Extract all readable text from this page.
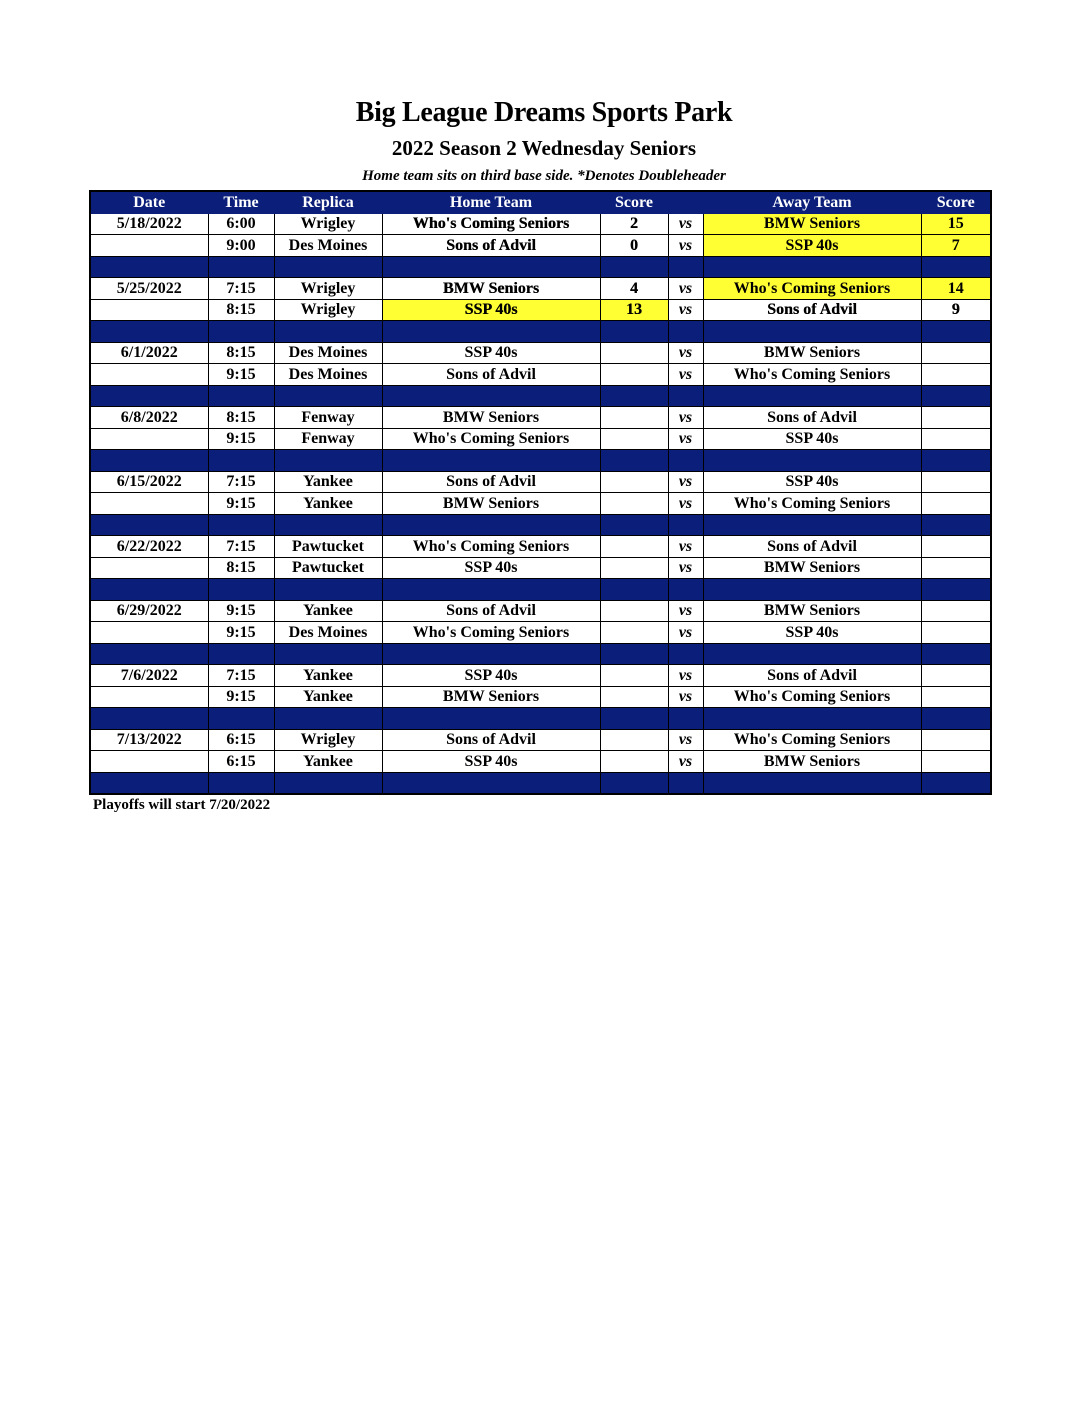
Big League Dreams Sports Park
2022 Season 2 Wednesday Seniors
Home team sits on third base side. *Denotes Doubleheader
Date	Time	Replica	Home Team	Score		Away Team	Score
5/18/2022	6:00	Wrigley	Who's Coming Seniors	2	vs	BMW Seniors	15
	9:00	Des Moines	Sons of Advil	0	vs	SSP 40s	7

5/25/2022	7:15	Wrigley	BMW Seniors	4	vs	Who's Coming Seniors	14
	8:15	Wrigley	SSP 40s	13	vs	Sons of Advil	9

6/1/2022	8:15	Des Moines	SSP 40s		vs	BMW Seniors	
	9:15	Des Moines	Sons of Advil		vs	Who's Coming Seniors	

6/8/2022	8:15	Fenway	BMW Seniors		vs	Sons of Advil	
	9:15	Fenway	Who's Coming Seniors		vs	SSP 40s	

6/15/2022	7:15	Yankee	Sons of Advil		vs	SSP 40s	
	9:15	Yankee	BMW Seniors		vs	Who's Coming Seniors	

6/22/2022	7:15	Pawtucket	Who's Coming Seniors		vs	Sons of Advil	
	8:15	Pawtucket	SSP 40s		vs	BMW Seniors	

6/29/2022	9:15	Yankee	Sons of Advil		vs	BMW Seniors	
	9:15	Des Moines	Who's Coming Seniors		vs	SSP 40s	

7/6/2022	7:15	Yankee	SSP 40s		vs	Sons of Advil	
	9:15	Yankee	BMW Seniors		vs	Who's Coming Seniors	

7/13/2022	6:15	Wrigley	Sons of Advil		vs	Who's Coming Seniors	
	6:15	Yankee	SSP 40s		vs	BMW Seniors	

Playoffs will start 7/20/2022
